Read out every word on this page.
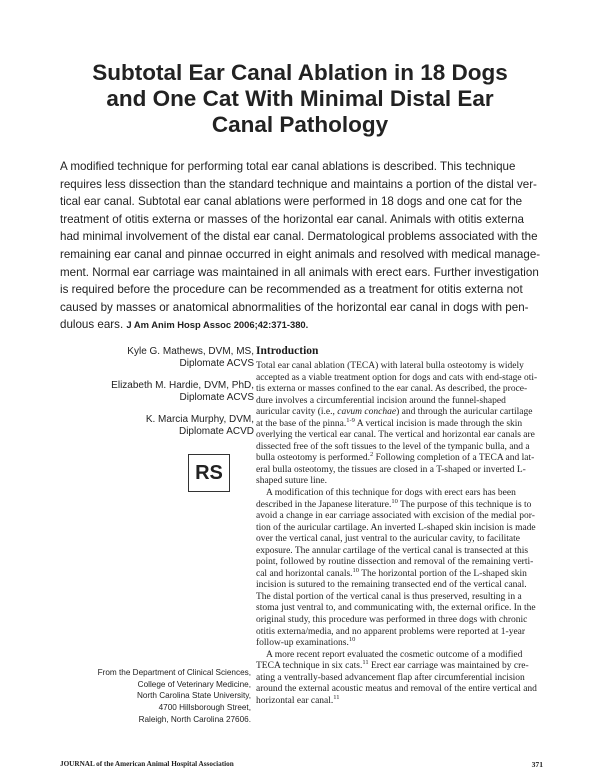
Subtotal Ear Canal Ablation in 18 Dogs
and One Cat With Minimal Distal Ear
Canal Pathology
A modified technique for performing total ear canal ablations is described. This technique
requires less dissection than the standard technique and maintains a portion of the distal ver-
tical ear canal. Subtotal ear canal ablations were performed in 18 dogs and one cat for the
treatment of otitis externa or masses of the horizontal ear canal. Animals with otitis externa
had minimal involvement of the distal ear canal. Dermatological problems associated with the
remaining ear canal and pinnae occurred in eight animals and resolved with medical manage-
ment. Normal ear carriage was maintained in all animals with erect ears. Further investigation
is required before the procedure can be recommended as a treatment for otitis externa not
caused by masses or anatomical abnormalities of the horizontal ear canal in dogs with pen-
dulous ears. J Am Anim Hosp Assoc 2006;42:371-380.
Kyle G. Mathews, DVM, MS,
Diplomate ACVS
Elizabeth M. Hardie, DVM, PhD,
Diplomate ACVS
K. Marcia Murphy, DVM,
Diplomate ACVD
RS
From the Department of Clinical Sciences,
College of Veterinary Medicine,
North Carolina State University,
4700 Hillsborough Street,
Raleigh, North Carolina 27606.
Introduction
Total ear canal ablation (TECA) with lateral bulla osteotomy is widely
accepted as a viable treatment option for dogs and cats with end-stage oti-
tis externa or masses confined to the ear canal. As described, the proce-
dure involves a circumferential incision around the funnel-shaped
auricular cavity (i.e., cavum conchae) and through the auricular cartilage
at the base of the pinna.$^{1-9}$ A vertical incision is made through the skin
overlying the vertical ear canal. The vertical and horizontal ear canals are
dissected free of the soft tissues to the level of the tympanic bulla, and a
bulla osteotomy is performed.$^2$ Following completion of a TECA and lat-
eral bulla osteotomy, the tissues are closed in a T-shaped or inverted L-
shaped suture line.
A modification of this technique for dogs with erect ears has been
described in the Japanese literature.$^{10}$ The purpose of this technique is to
avoid a change in ear carriage associated with excision of the medial por-
tion of the auricular cartilage. An inverted L-shaped skin incision is made
over the vertical canal, just ventral to the auricular cavity, to facilitate
exposure. The annular cartilage of the vertical canal is transected at this
point, followed by routine dissection and removal of the remaining verti-
cal and horizontal canals.$^{10}$ The horizontal portion of the L-shaped skin
incision is sutured to the remaining transected end of the vertical canal.
The distal portion of the vertical canal is thus preserved, resulting in a
stoma just ventral to, and communicating with, the external orifice. In the
original study, this procedure was performed in three dogs with chronic
otitis externa/media, and no apparent problems were reported at 1-year
follow-up examinations.$^{10}$
A more recent report evaluated the cosmetic outcome of a modified
TECA technique in six cats.$^{11}$ Erect ear carriage was maintained by cre-
ating a ventrally-based advancement flap after circumferential incision
around the external acoustic meatus and removal of the entire vertical and
horizontal ear canal.$^{11}$
JOURNAL of the American Animal Hospital Association	371
